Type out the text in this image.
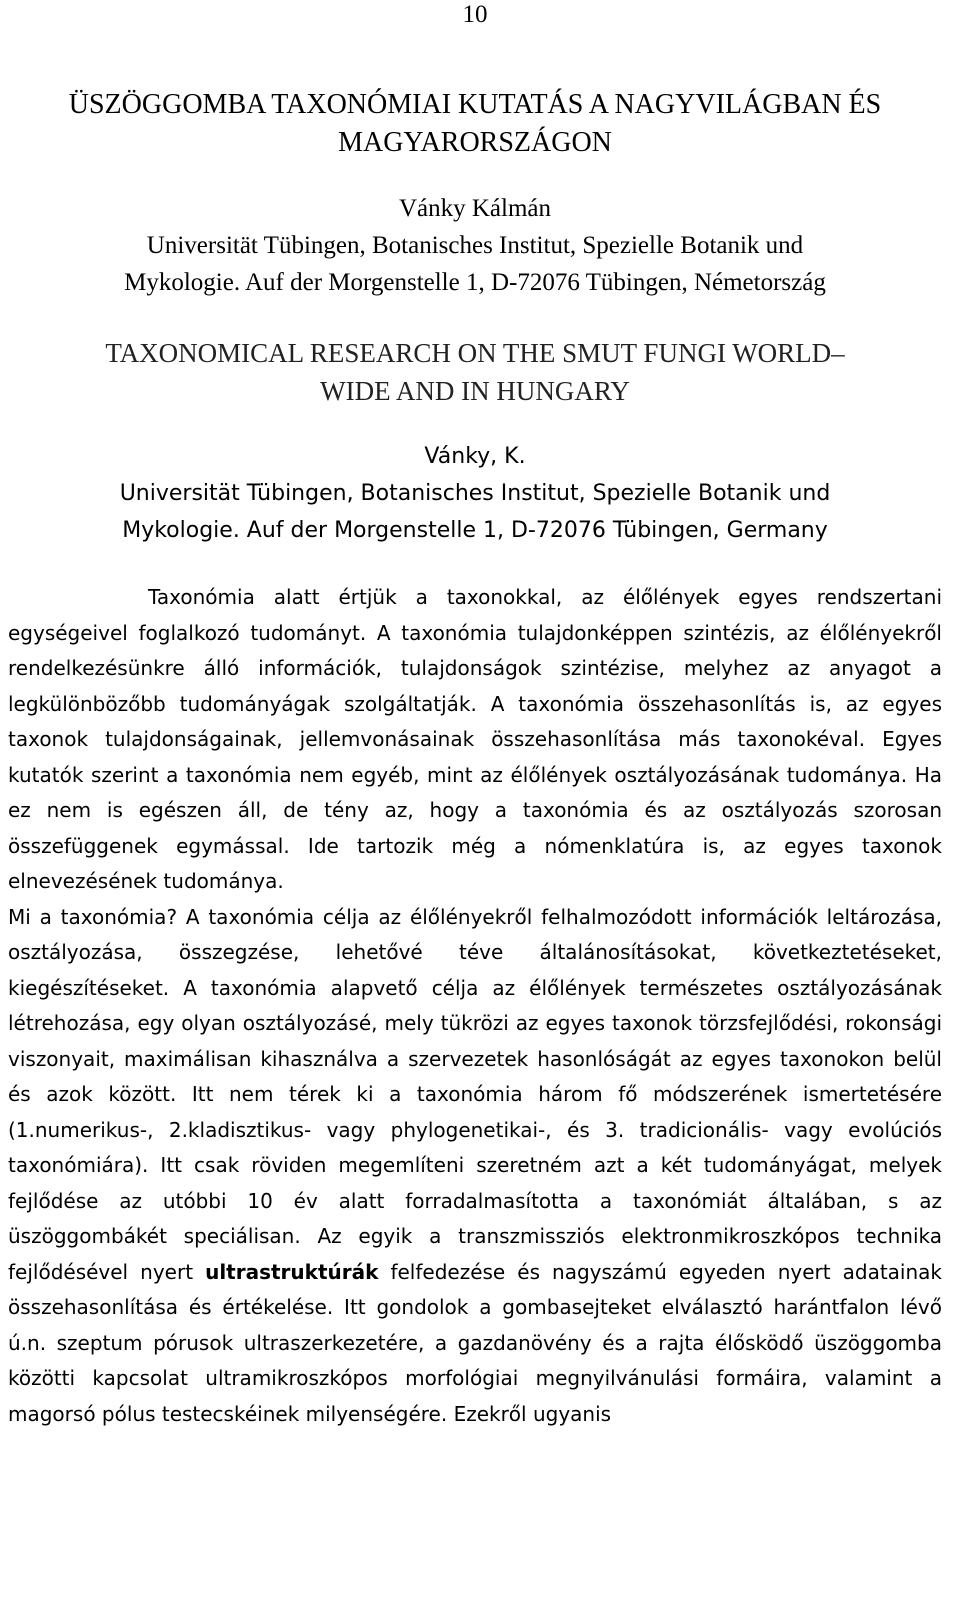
10
ÜSZÖGGOMBA TAXONÓMIAI KUTATÁS A NAGYVILÁGBAN ÉS
MAGYARORSZÁGON
Vánky Kálmán
Universität Tübingen, Botanisches Institut, Spezielle Botanik und
Mykologie. Auf der Morgenstelle 1, D-72076 Tübingen, Németország
TAXONOMICAL RESEARCH ON THE SMUT FUNGI WORLD–
WIDE AND IN HUNGARY
Vánky, K.
Universität Tübingen, Botanisches Institut, Spezielle Botanik und
Mykologie. Auf der Morgenstelle 1, D-72076 Tübingen, Germany

Taxonómia alatt értjük a taxonokkal, az élőlények egyes rendszertani egységeivel foglalkozó tudományt. A taxonómia tulajdonképpen szintézis, az élőlényekről rendelkezésünkre álló információk, tulajdonságok szintézise, melyhez az anyagot a legkülönbözőbb tudományágak szolgáltatják. A taxonómia összehasonlítás is, az egyes taxonok tulajdonságainak, jellemvonásainak összehasonlítása más taxonokéval. Egyes kutatók szerint a taxonómia nem egyéb, mint az élőlények osztályozásának tudománya. Ha ez nem is egészen áll, de tény az, hogy a taxonómia és az osztályozás szorosan összefüggenek egymással. Ide tartozik még a nómenklatúra is, az egyes taxonok elnevezésének tudománya.

Mi a taxonómia? A taxonómia célja az élőlényekről felhalmozódott információk leltározása, osztályozása, összegzése, lehetővé téve általánosításokat, következtetéseket, kiegészítéseket. A taxonómia alapvető célja az élőlények természetes osztályozásának létrehozása, egy olyan osztályozásé, mely tükrözi az egyes taxonok törzsfejlődési, rokonsági viszonyait, maximálisan kihasználva a szervezetek hasonlóságát az egyes taxonokon belül és azok között. Itt nem térek ki a taxonómia három fő módszerének ismertetésére (1.numerikus-, 2.kladisztikus- vagy phylogenetikai-, és 3. tradicionális- vagy evolúciós taxonómiára). Itt csak röviden megemlíteni szeretném azt a két tudományágat, melyek fejlődése az utóbbi 10 év alatt forradalmasította a taxonómiát általában, s az üszöggombákét speciálisan. Az egyik a transzmissziós elektronmikroszkópos technika fejlődésével nyert ultrastruktúrák felfedezése és nagyszámú egyeden nyert adatainak összehasonlítása és értékelése. Itt gondolok a gombasejteket elválasztó harántfalon lévő ú.n. szeptum pórusok ultraszerkezetére, a gazdanövény és a rajta élősködő üszöggomba közötti kapcsolat ultramikroszkópos morfológiai megnyilvánulási formáira, valamint a magorsó pólus testecskéinek milyenségére. Ezekről ugyanis
